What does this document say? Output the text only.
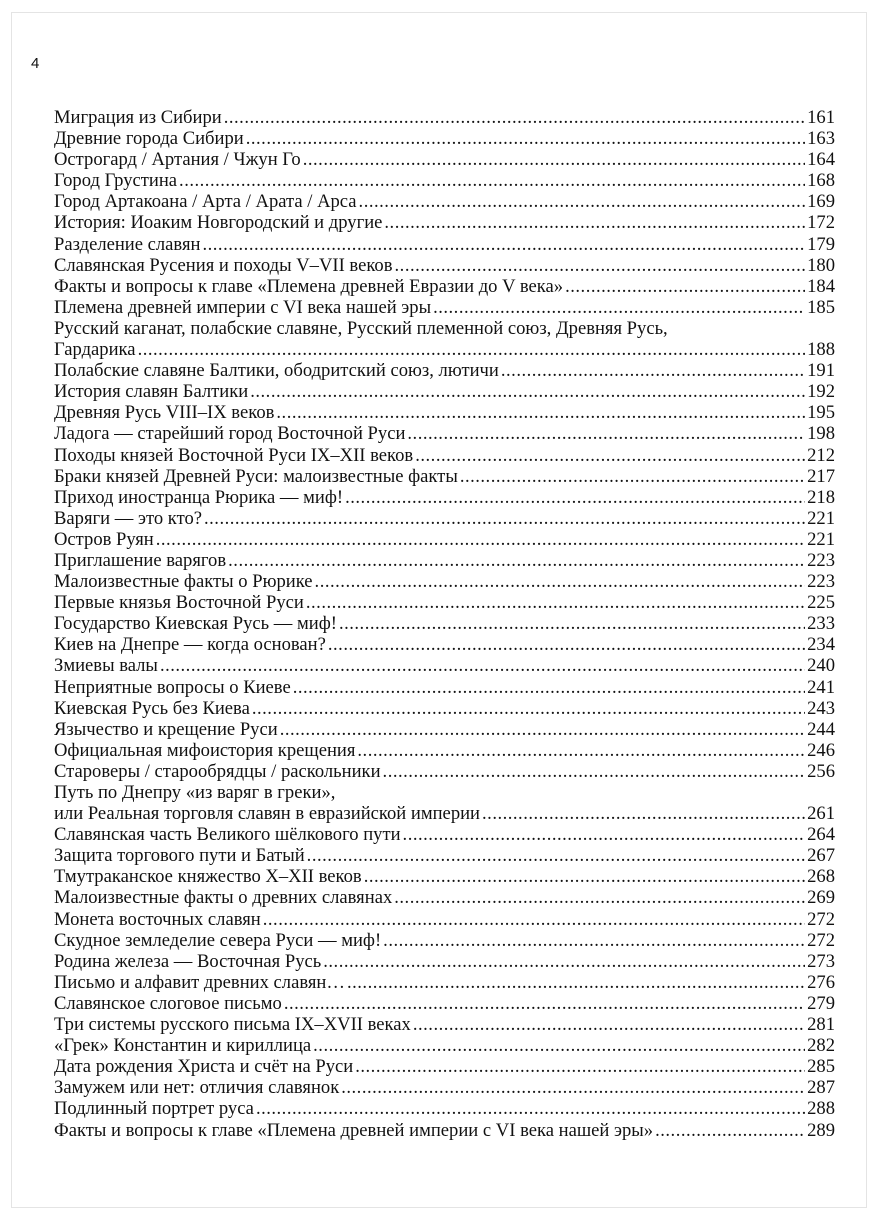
4
Миграция из Сибири .....	161
Древние города Сибири .....	163
Острогард / Артания / Чжун Го .....	164
Город Грустина .....	168
Город Артакоана / Арта / Арата / Арса .....	169
История: Иоаким Новгородский и другие .....	172
Разделение славян .....	179
Славянская Русения и походы V–VII веков .....	180
Факты и вопросы к главе «Племена древней Евразии до V века» .....	184
Племена древней империи с VI века нашей эры .....	185
Русский каганат, полабские славяне, Русский племенной союз, Древняя Русь,
Гардарика .....	188
Полабские славяне Балтики, ободритский союз, лютичи .....	191
История славян Балтики .....	192
Древняя Русь VIII–IX веков .....	195
Ладога — старейший город Восточной Руси .....	198
Походы князей Восточной Руси IX–XII веков .....	212
Браки князей Древней Руси: малоизвестные факты .....	217
Приход иностранца Рюрика — миф! .....	218
Варяги — это кто? .....	221
Остров Руян .....	221
Приглашение варягов .....	223
Малоизвестные факты о Рюрике .....	223
Первые князья Восточной Руси .....	225
Государство Киевская Русь — миф! .....	233
Киев на Днепре — когда основан? .....	234
Змиевы валы .....	240
Неприятные вопросы о Киеве .....	241
Киевская Русь без Киева .....	243
Язычество и крещение Руси .....	244
Официальная мифоистория крещения .....	246
Староверы / старообрядцы / раскольники .....	256
Путь по Днепру «из варяг в греки»,
или Реальная торговля славян в евразийской империи .....	261
Славянская часть Великого шёлкового пути .....	264
Защита торгового пути и Батый .....	267
Тмутраканское княжество X–XII веков .....	268
Малоизвестные факты о древних славянах .....	269
Монета восточных славян .....	272
Скудное земледелие севера Руси — миф! .....	272
Родина железа — Восточная Русь .....	273
Письмо и алфавит древних славян… .....	276
Славянское слоговое письмо .....	279
Три системы русского письма IX–XVII веках .....	281
«Грек» Константин и кириллица .....	282
Дата рождения Христа и счёт на Руси .....	285
Замужем или нет: отличия славянок .....	287
Подлинный портрет руса .....	288
Факты и вопросы к главе «Племена древней империи с VI века нашей эры» .....	289
